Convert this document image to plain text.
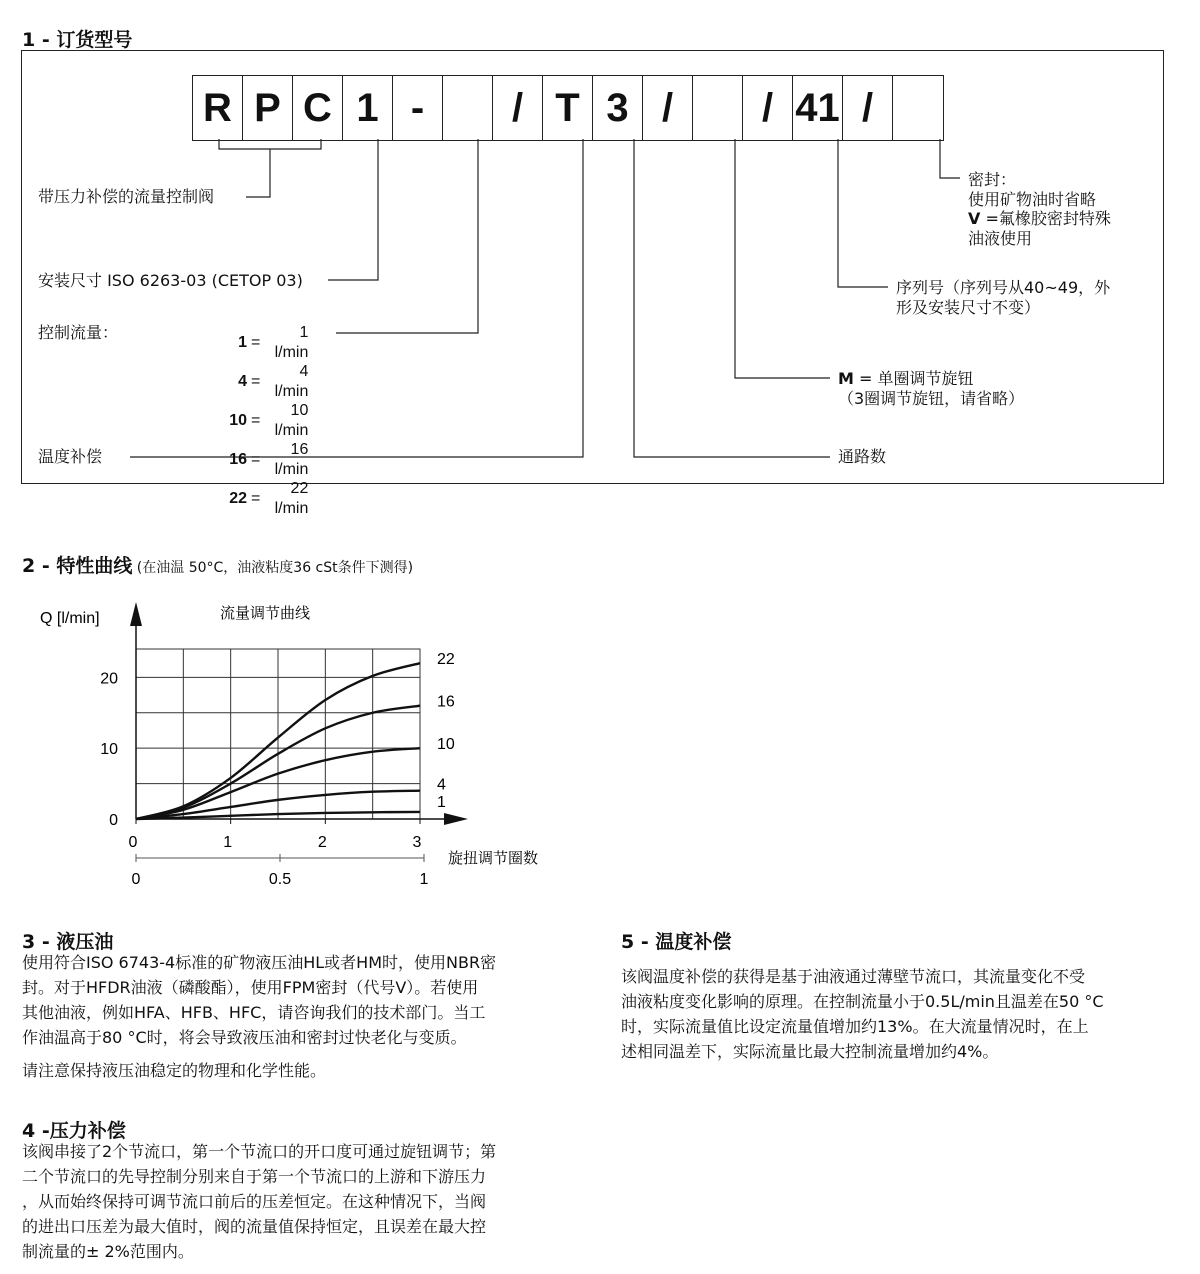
1 - 订货型号
R P C 1 -	/ T 3 /	/ 41 /
带压力补偿的流量控制阀
安装尺寸 ISO 6263-03 (CETOP 03)
控制流量：
1	=	1 l/min
4	=	4 l/min
10	=	10 l/min
16	=	16 l/min
22	=	22 l/min
温度补偿
密封：
使用矿物油时省略
V =氟橡胶密封特殊
油液使用
序列号（序列号从40~49，外
形及安装尺寸不变）
M = 单圈调节旋钮
（3圈调节旋钮，请省略）
通路数
2 - 特性曲线 (在油温 50°C，油液粘度36 cSt条件下测得)
22
16
10
4
1
0
10
20
0	1	2	3
0	0.5	1
Q [l/min]	流量调节曲线
旋扭调节圈数
3 - 液压油

使用符合ISO 6743-4标准的矿物液压油HL或者HM时，使用NBR密
封。对于HFDR油液（磷酸酯），使用FPM密封（代号V）。若使用
其他油液，例如HFA、HFB、HFC，请咨询我们的技术部门。当工
作油温高于80 °C时，将会导致液压油和密封过快老化与变质。

请注意保持液压油稳定的物理和化学性能。

4 -压力补偿
该阀串接了2个节流口，第一个节流口的开口度可通过旋钮调节；第
二个节流口的先导控制分别来自于第一个节流口的上游和下游压力
，从而始终保持可调节流口前后的压差恒定。在这种情况下，当阀
的进出口压差为最大值时，阀的流量值保持恒定，且误差在最大控
制流量的± 2%范围内。
5 - 温度补偿
该阀温度补偿的获得是基于油液通过薄壁节流口，其流量变化不受
油液粘度变化影响的原理。在控制流量小于0.5L/min且温差在50 °C
时，实际流量值比设定流量值增加约13%。在大流量情况时，在上
述相同温差下，实际流量比最大控制流量增加约4%。
